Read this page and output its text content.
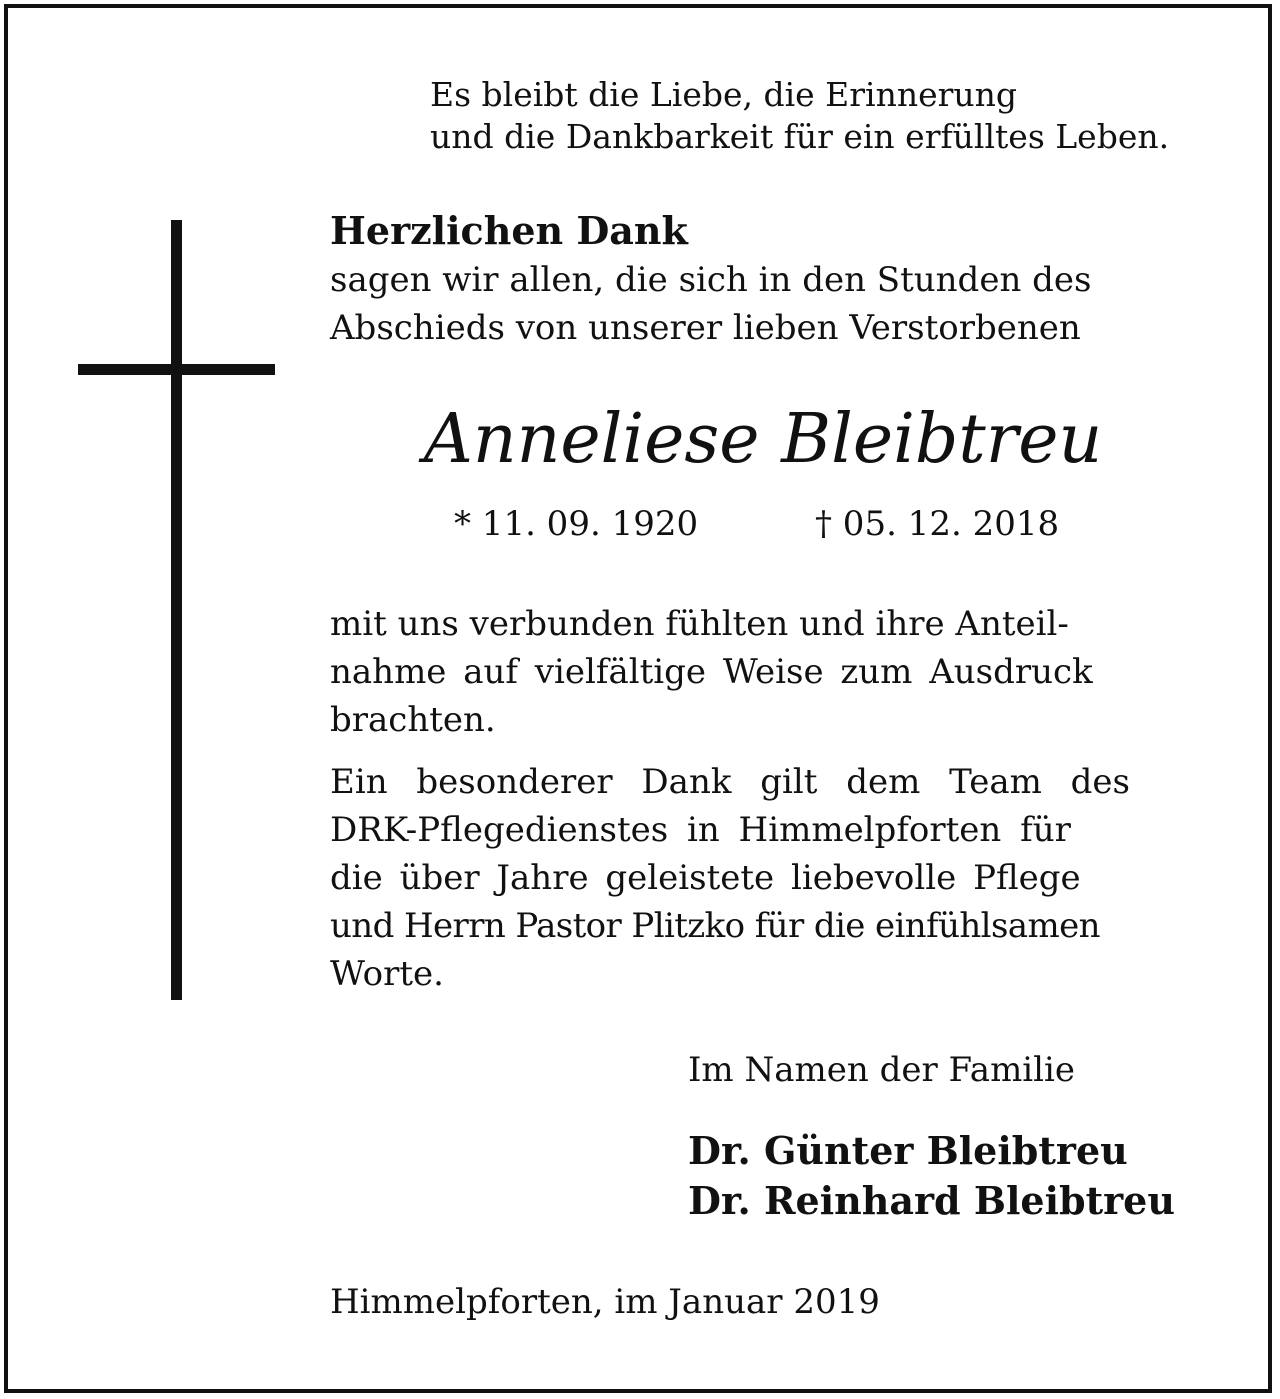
Es bleibt die Liebe, die Erinnerung

und die Dankbarkeit für ein erfülltes Leben.

Herzlichen Dank

sagen wir allen, die sich in den Stunden des

Abschieds von unserer lieben Verstorbenen

Anneliese Bleibtreu

* 11. 09. 1920	† 05. 12. 2018

mit uns verbunden fühlten und ihre Anteil-

nahme auf vielfältige Weise zum Ausdruck

brachten.

Ein besonderer Dank gilt dem Team des

DRK-Pflegedienstes in Himmelpforten für

die über Jahre geleistete liebevolle Pflege

und Herrn Pastor Plitzko für die einfühlsamen

Worte.

Im Namen der Familie

Dr. Günter Bleibtreu

Dr. Reinhard Bleibtreu

Himmelpforten, im Januar 2019
